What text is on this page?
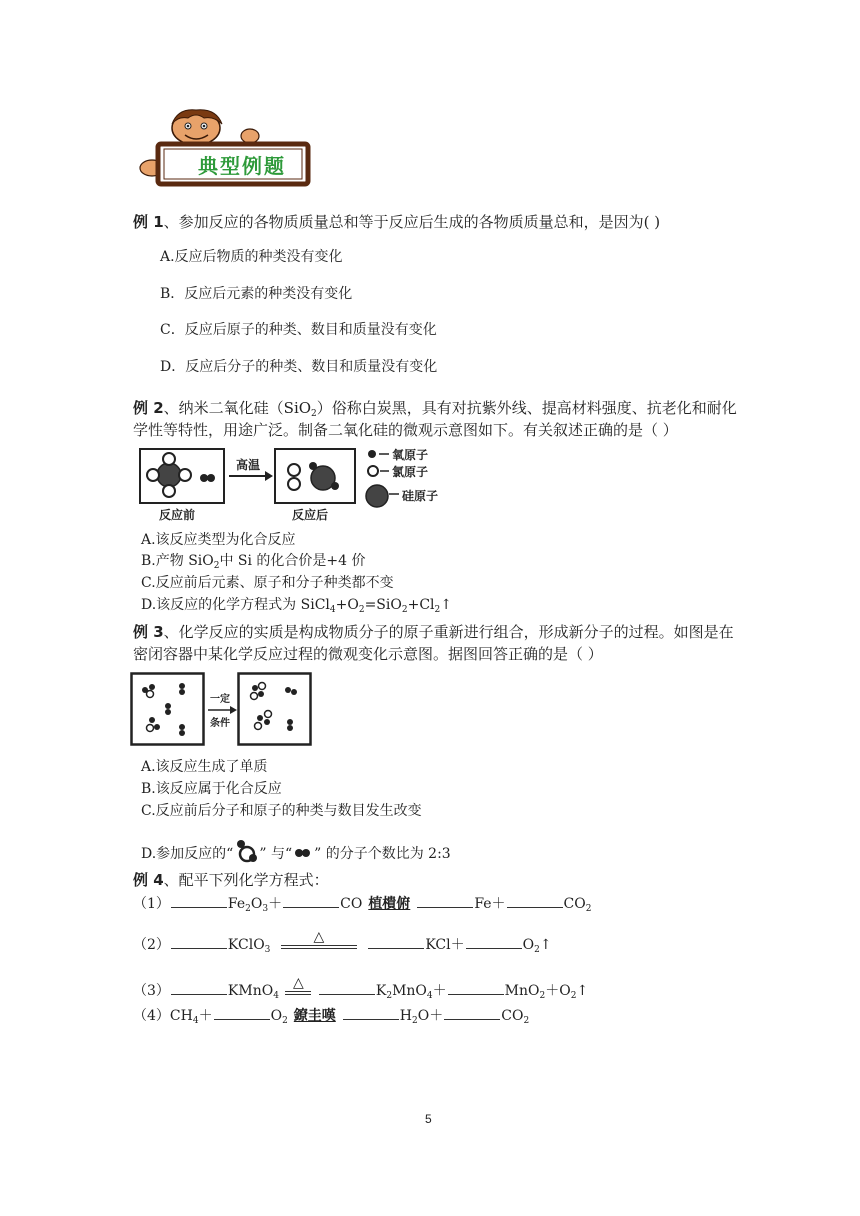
典型例题
例 1、参加反应的各物质质量总和等于反应后生成的各物质质量总和，是因为( )
A.反应后物质的种类没有变化
B．反应后元素的种类没有变化
C．反应后原子的种类、数目和质量没有变化
D．反应后分子的种类、数目和质量没有变化
例 2、纳米二氧化硅（SiO$_2$）俗称白炭黑，具有对抗紫外线、提高材料强度、抗老化和耐化
学性等特性，用途广泛。制备二氧化硅的微观示意图如下。有关叙述正确的是（ ）
反应前	反应后
高温
氧原子
氯原子
硅原子
A.该反应类型为化合反应
B.产物 SiO$_2$中 Si 的化合价是+4 价
C.反应前后元素、原子和分子种类都不变
D.该反应的化学方程式为 $SiCl_4+O_2=SiO_2+Cl_2↑$
例 3、化学反应的实质是构成物质分子的原子重新进行组合，形成新分子的过程。如图是在
密闭容器中某化学反应过程的微观变化示意图。据图回答正确的是（ ）
一定
条件
A.该反应生成了单质
B.该反应属于化合反应
C.反应前后分子和原子的种类与数目发生改变
D.参加反应的“ ” 与“ ” 的分子个数比为 2:3
例 4、配平下列化学方程式：
（1）	$Fe_2O_3+$	CO 植樻俯	Fe＋	$CO_2$
（2）	KClO$_3$
△	KCl＋	$O_2↑$
（3）	KMnO$_4$
△	$K_2MnO_4+$	$MnO_2+O_2↑$
$(4)CH_4+$	$O_2$ 鐐圭嘆	$H_2O+$	$CO_2$
5
